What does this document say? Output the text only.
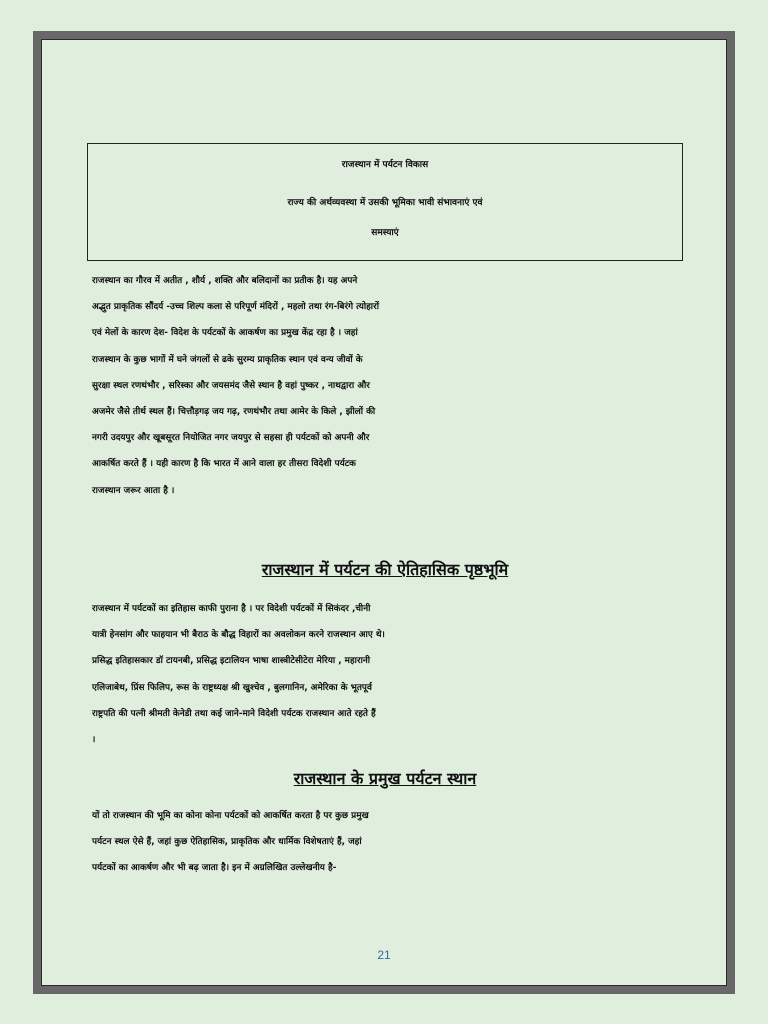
राजस्थान में पर्यटन विकास
राज्य की अर्थव्यवस्था में उसकी भूमिका भावी संभावनाएं एवं
समस्याएं
राजस्थान का गौरव में अतीत , शौर्य , शक्ति और बलिदानों का प्रतीक है। यह अपने
अद्भुत प्राकृतिक सौंदर्य -उच्च शिल्प कला से परिपूर्ण मंदिरों , महलो तथा रंग-बिरंगे त्योहारों
एवं मेलों के कारण देश- विदेश के पर्यटकों के आकर्षण का प्रमुख केंद्र रहा है । जहां
राजस्थान के कुछ भागों में घने जंगलों से ढके सुरम्य प्राकृतिक स्थान एवं वन्य जीवों के
सुरक्षा स्थल रणथंभौर , सरिस्का और जयसमंद जैसे स्थान है वहां पुष्कर , नाथद्वारा और
अजमेर जैसे तीर्थ स्थल हैं। चित्तौड़गढ़ जय गढ़, रणथंभौर तथा आमेर के किले , झीलों की
नगरी उदयपुर और खूबसूरत नियोजित नगर जयपुर से सहसा ही पर्यटकों को अपनी और
आकर्षित करते हैं । यही कारण है कि भारत में आने वाला हर तीसरा विदेशी पर्यटक
राजस्थान जरूर आता है ।
राजस्थान में पर्यटन की ऐतिहासिक पृष्ठभूमि
राजस्थान में पर्यटकों का इतिहास काफी पुराना है । पर विदेशी पर्यटकों में सिकंदर ,चीनी
यात्री हेनसांग और फाहयान भी बैराठ के बौद्ध विहारों का अवलोकन करने राजस्थान आए थे।
प्रसिद्ध इतिहासकार डॉ टायनबी, प्रसिद्ध इटालियन भाषा शास्त्रीटेसीटेरा मेरिया , महारानी
एलिजाबेथ, प्रिंस फिलिप, रूस के राष्ट्रध्यक्ष श्री खुश्चेव , बुलगानिन, अमेरिका के भूतपूर्व
राष्ट्रपति की पत्नी श्रीमती केनेडी तथा कई जाने-माने विदेशी पर्यटक राजस्थान आते रहते हैं
।
राजस्थान के प्रमुख पर्यटन स्थान
यों तो राजस्थान की भूमि का कोना कोना पर्यटकों को आकर्षित करता है पर कुछ प्रमुख
पर्यटन स्थल ऐसे हैं, जहां कुछ ऐतिहासिक, प्राकृतिक और धार्मिक विशेषताएं हैं, जहां
पर्यटकों का आकर्षण और भी बढ़ जाता है। इन में अग्रलिखित उल्लेखनीय है-
21
